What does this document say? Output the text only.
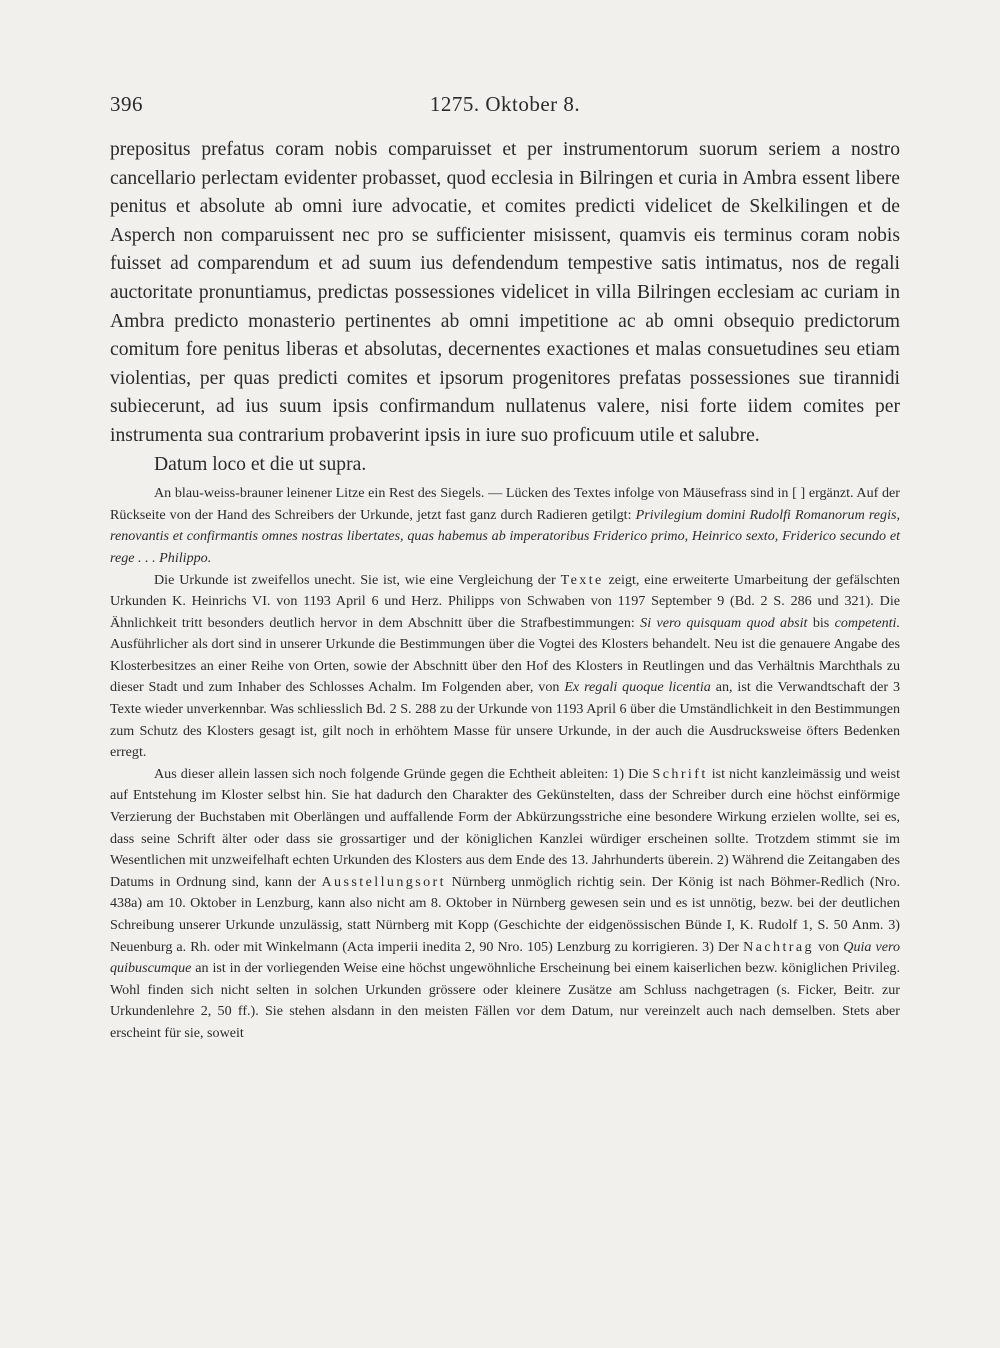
396	1275. Oktober 8.

prepositus prefatus coram nobis comparuisset et per instrumentorum suorum seriem a nostro cancellario perlectam evidenter probasset, quod ecclesia in Bilringen et curia in Ambra essent libere penitus et absolute ab omni iure advocatie, et comites predicti videlicet de Skelkilingen et de Asperch non comparuissent nec pro se sufficienter misissent, quamvis eis terminus coram nobis fuisset ad comparendum et ad suum ius defendendum tempestive satis intimatus, nos de regali auctoritate pronuntiamus, predictas possessiones videlicet in villa Bilringen ecclesiam ac curiam in Ambra predicto monasterio pertinentes ab omni impetitione ac ab omni obsequio predictorum comitum fore penitus liberas et absolutas, decernentes exactiones et malas consuetudines seu etiam violentias, per quas predicti comites et ipsorum progenitores prefatas possessiones sue tirannidi subiecerunt, ad ius suum ipsis confirmandum nullatenus valere, nisi forte iidem comites per instrumenta sua contrarium probaverint ipsis in iure suo proficuum utile et salubre.

Datum loco et die ut supra.

An blau-weiss-brauner leinener Litze ein Rest des Siegels. — Lücken des Textes infolge von Mäusefrass sind in [ ] ergänzt. Auf der Rückseite von der Hand des Schreibers der Urkunde, jetzt fast ganz durch Radieren getilgt: Privilegium domini Rudolfi Romanorum regis, renovantis et confirmantis omnes nostras libertates, quas habemus ab imperatoribus Friderico primo, Heinrico sexto, Friderico secundo et rege . . . Philippo.

Die Urkunde ist zweifellos unecht. Sie ist, wie eine Vergleichung der Texte zeigt, eine erweiterte Umarbeitung der gefälschten Urkunden K. Heinrichs VI. von 1193 April 6 und Herz. Philipps von Schwaben von 1197 September 9 (Bd. 2 S. 286 und 321). Die Ähnlichkeit tritt besonders deutlich hervor in dem Abschnitt über die Strafbestimmungen: Si vero quisquam quod absit bis competenti. Ausführlicher als dort sind in unserer Urkunde die Bestimmungen über die Vogtei des Klosters behandelt. Neu ist die genauere Angabe des Klosterbesitzes an einer Reihe von Orten, sowie der Abschnitt über den Hof des Klosters in Reutlingen und das Verhältnis Marchthals zu dieser Stadt und zum Inhaber des Schlosses Achalm. Im Folgenden aber, von Ex regali quoque licentia an, ist die Verwandtschaft der 3 Texte wieder unverkennbar. Was schliesslich Bd. 2 S. 288 zu der Urkunde von 1193 April 6 über die Umständlichkeit in den Bestimmungen zum Schutz des Klosters gesagt ist, gilt noch in erhöhtem Masse für unsere Urkunde, in der auch die Ausdrucksweise öfters Bedenken erregt.

Aus dieser allein lassen sich noch folgende Gründe gegen die Echtheit ableiten: 1) Die Schrift ist nicht kanzleimässig und weist auf Entstehung im Kloster selbst hin. Sie hat dadurch den Charakter des Gekünstelten, dass der Schreiber durch eine höchst einförmige Verzierung der Buchstaben mit Oberlängen und auffallende Form der Abkürzungsstriche eine besondere Wirkung erzielen wollte, sei es, dass seine Schrift älter oder dass sie grossartiger und der königlichen Kanzlei würdiger erscheinen sollte. Trotzdem stimmt sie im Wesentlichen mit unzweifelhaft echten Urkunden des Klosters aus dem Ende des 13. Jahrhunderts überein. 2) Während die Zeitangaben des Datums in Ordnung sind, kann der Ausstellungsort Nürnberg unmöglich richtig sein. Der König ist nach Böhmer-Redlich (Nro. 438a) am 10. Oktober in Lenzburg, kann also nicht am 8. Oktober in Nürnberg gewesen sein und es ist unnötig, bezw. bei der deutlichen Schreibung unserer Urkunde unzulässig, statt Nürnberg mit Kopp (Geschichte der eidgenössischen Bünde I, K. Rudolf 1, S. 50 Anm. 3) Neuenburg a. Rh. oder mit Winkelmann (Acta imperii inedita 2, 90 Nro. 105) Lenzburg zu korrigieren. 3) Der Nachtrag von Quia vero quibuscumque an ist in der vorliegenden Weise eine höchst ungewöhnliche Erscheinung bei einem kaiserlichen bezw. königlichen Privileg. Wohl finden sich nicht selten in solchen Urkunden grössere oder kleinere Zusätze am Schluss nachgetragen (s. Ficker, Beitr. zur Urkundenlehre 2, 50 ff.). Sie stehen alsdann in den meisten Fällen vor dem Datum, nur vereinzelt auch nach demselben. Stets aber erscheint für sie, soweit
